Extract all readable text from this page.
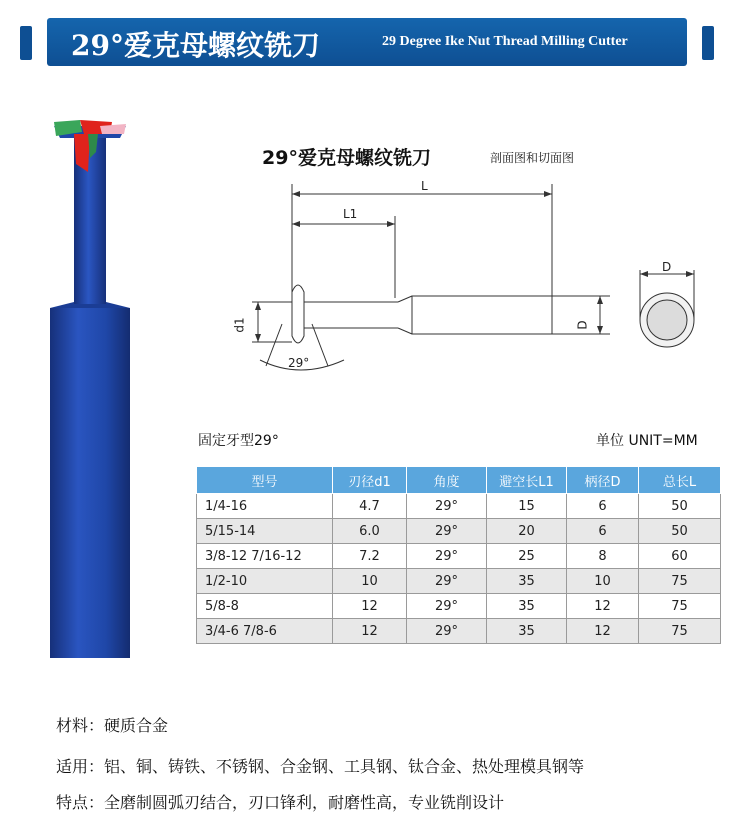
29°爱克母螺纹铣刀	29 Degree Ike Nut Thread Milling Cutter
29°爱克母螺纹铣刀	剖面图和切面图
L
L1
d1	D
D
29°
固定牙型29°	单位 UNIT=MM
型号	刃径d1	角度	避空长L1	柄径D	总长L
1/4-16	4.7	29°	15	6	50
5/15-14	6.0	29°	20	6	50
3/8-12 7/16-12	7.2	29°	25	8	60
1/2-10	10	29°	35	10	75
5/8-8	12	29°	35	12	75
3/4-6 7/8-6	12	29°	35	12	75
材料：硬质合金
适用：铝、铜、铸铁、不锈钢、合金钢、工具钢、钛合金、热处理模具钢等
特点：全磨制圆弧刃结合，刃口锋利，耐磨性高，专业铣削设计
